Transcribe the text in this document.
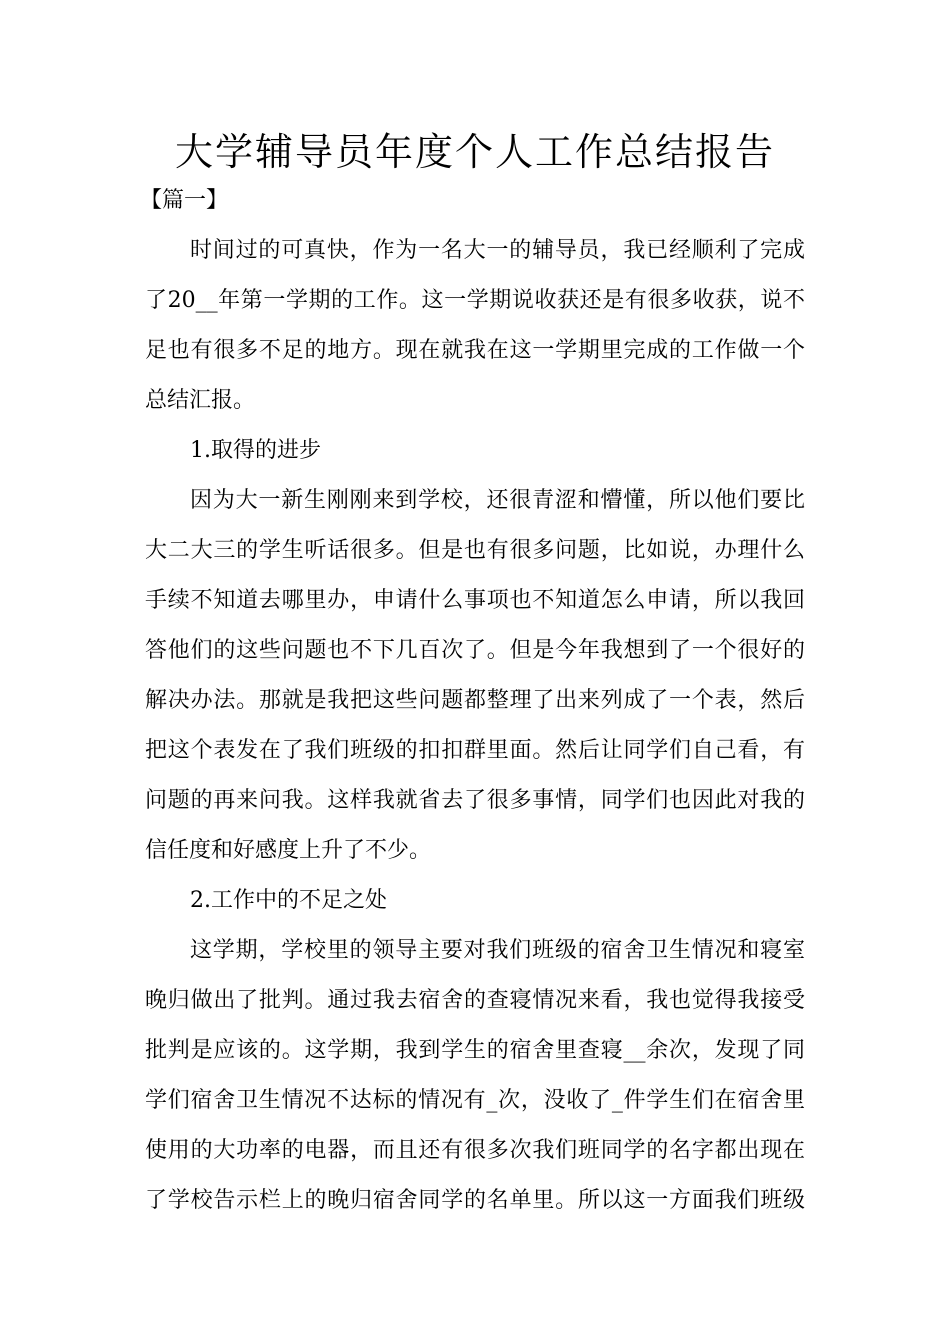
大学辅导员年度个人工作总结报告
【篇一】
时间过的可真快，作为一名大一的辅导员，我已经顺利了完成
了20__年第一学期的工作。这一学期说收获还是有很多收获，说不
足也有很多不足的地方。现在就我在这一学期里完成的工作做一个
总结汇报。
1.取得的进步
因为大一新生刚刚来到学校，还很青涩和懵懂，所以他们要比
大二大三的学生听话很多。但是也有很多问题，比如说，办理什么
手续不知道去哪里办，申请什么事项也不知道怎么申请，所以我回
答他们的这些问题也不下几百次了。但是今年我想到了一个很好的
解决办法。那就是我把这些问题都整理了出来列成了一个表，然后
把这个表发在了我们班级的扣扣群里面。然后让同学们自己看，有
问题的再来问我。这样我就省去了很多事情，同学们也因此对我的
信任度和好感度上升了不少。
2.工作中的不足之处
这学期，学校里的领导主要对我们班级的宿舍卫生情况和寝室
晚归做出了批判。通过我去宿舍的查寝情况来看，我也觉得我接受
批判是应该的。这学期，我到学生的宿舍里查寝__余次，发现了同
学们宿舍卫生情况不达标的情况有_次，没收了_件学生们在宿舍里
使用的大功率的电器，而且还有很多次我们班同学的名字都出现在
了学校告示栏上的晚归宿舍同学的名单里。所以这一方面我们班级
